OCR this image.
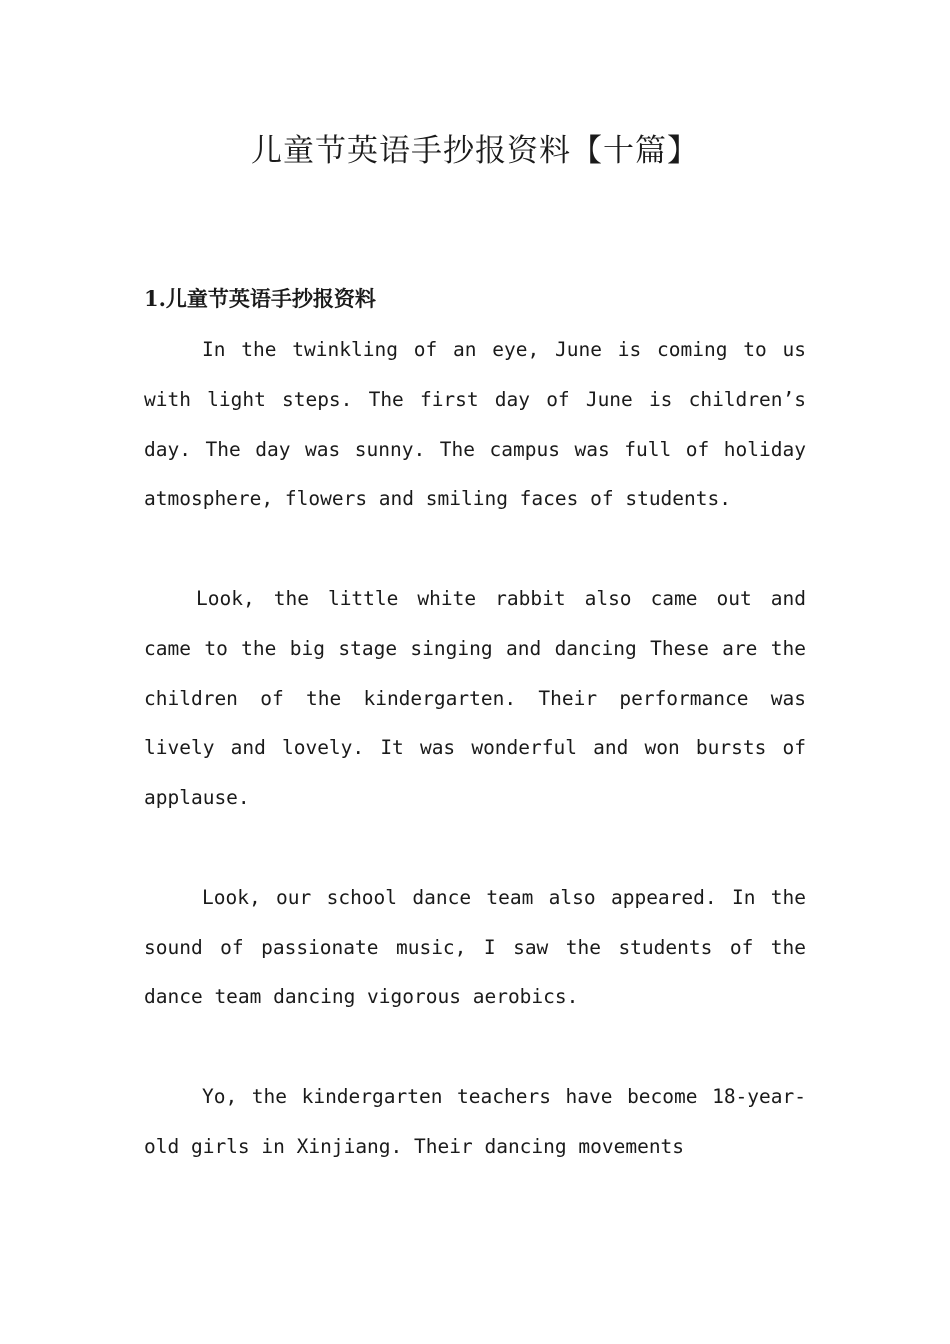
儿童节英语手抄报资料【十篇】
1.儿童节英语手抄报资料

In the twinkling of an eye, June is coming to us with light steps. The first day of June is children’s day. The day was sunny. The campus was full of holiday atmosphere, flowers and smiling faces of students.

Look, the little white rabbit also came out and came to the big stage singing and dancing These are the children of the kindergarten. Their performance was lively and lovely. It was wonderful and won bursts of applause.

Look, our school dance team also appeared. In the sound of passionate music, I saw the students of the dance team dancing vigorous aerobics.

Yo, the kindergarten teachers have become 18-year-old girls in Xinjiang. Their dancing movements
